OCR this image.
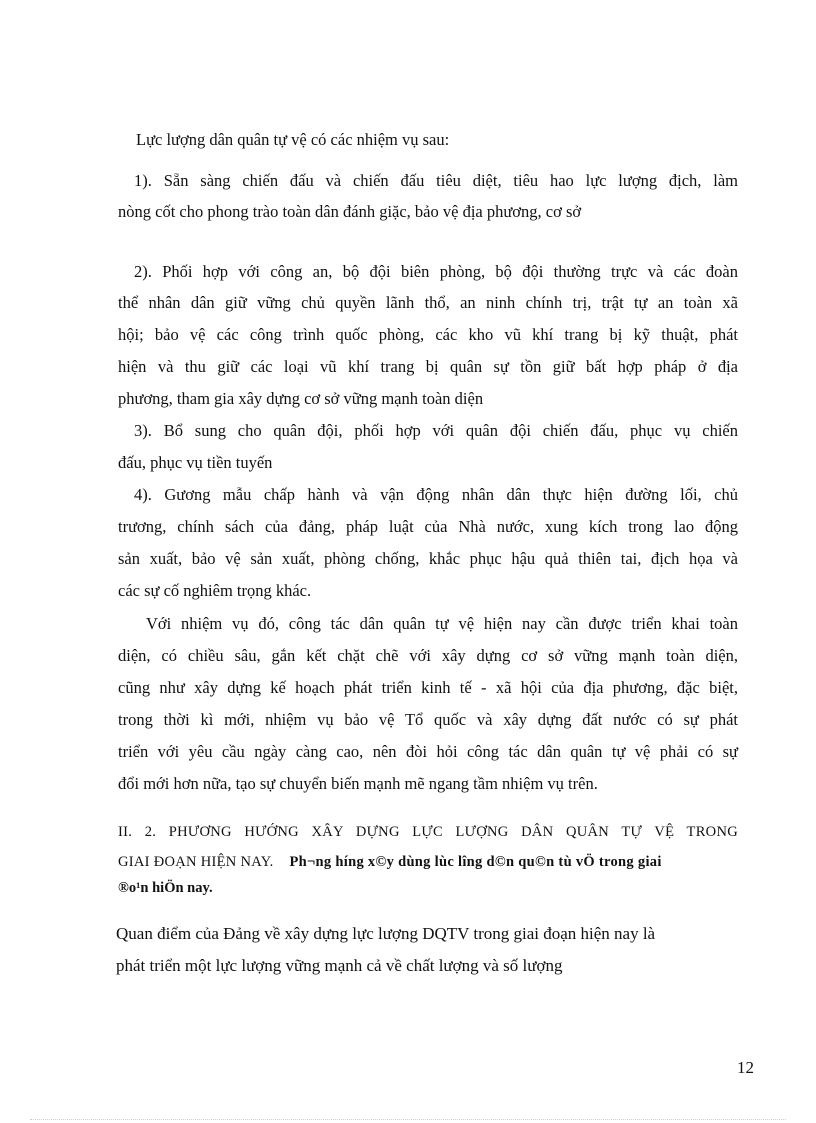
Lực lượng dân quân tự vệ có các nhiệm vụ sau:
1). Sẵn sàng chiến đấu và chiến đấu tiêu diệt, tiêu hao lực lượng địch, làm
nòng cốt cho phong trào toàn dân đánh giặc, bảo vệ địa phương, cơ sở
2). Phối hợp với công an, bộ đội biên phòng, bộ đội thường trực và các đoàn
thể nhân dân giữ vững chủ quyền lãnh thổ, an ninh chính trị, trật tự an toàn xã
hội; bảo vệ các công trình quốc phòng, các kho vũ khí trang bị kỹ thuật, phát
hiện và thu giữ các loại vũ khí trang bị quân sự tồn giữ bất hợp pháp ở địa
phương, tham gia xây dựng cơ sở vững mạnh toàn diện
3). Bổ sung cho quân đội, phối hợp với quân đội chiến đấu, phục vụ chiến
đấu, phục vụ tiền tuyến
4). Gương mẫu chấp hành và vận động nhân dân thực hiện đường lối, chủ
trương, chính sách của đảng, pháp luật của Nhà nước, xung kích trong lao động
sản xuất, bảo vệ sản xuất, phòng chống, khắc phục hậu quả thiên tai, địch họa và
các sự cố nghiêm trọng khác.
Với nhiệm vụ đó, công tác dân quân tự vệ hiện nay cần được triển khai toàn
diện, có chiều sâu, gắn kết chặt chẽ với xây dựng cơ sở vững mạnh toàn diện,
cũng như xây dựng kế hoạch phát triển kinh tế - xã hội của địa phương, đặc biệt,
trong thời kì mới, nhiệm vụ bảo vệ Tổ quốc và xây dựng đất nước có sự phát
triển với yêu cầu ngày càng cao, nên đòi hỏi công tác dân quân tự vệ phải có sự
đổi mới hơn nữa, tạo sự chuyển biến mạnh mẽ ngang tầm nhiệm vụ trên.
II. 2. PHƯƠNG HƯỚNG XÂY DỰNG LỰC LƯỢNG DÂN QUÂN TỰ VỆ TRONG
GIAI ĐOẠN HIỆN NAY. Ph¬ng híng x©y dùng lùc lîng d©n qu©n tù vÖ trong giai
®o¹n hiÖn nay.
Quan điểm của Đảng về xây dựng lực lượng DQTV trong giai đoạn hiện nay là
phát triển một lực lượng vững mạnh cả về chất lượng và số lượng
12
